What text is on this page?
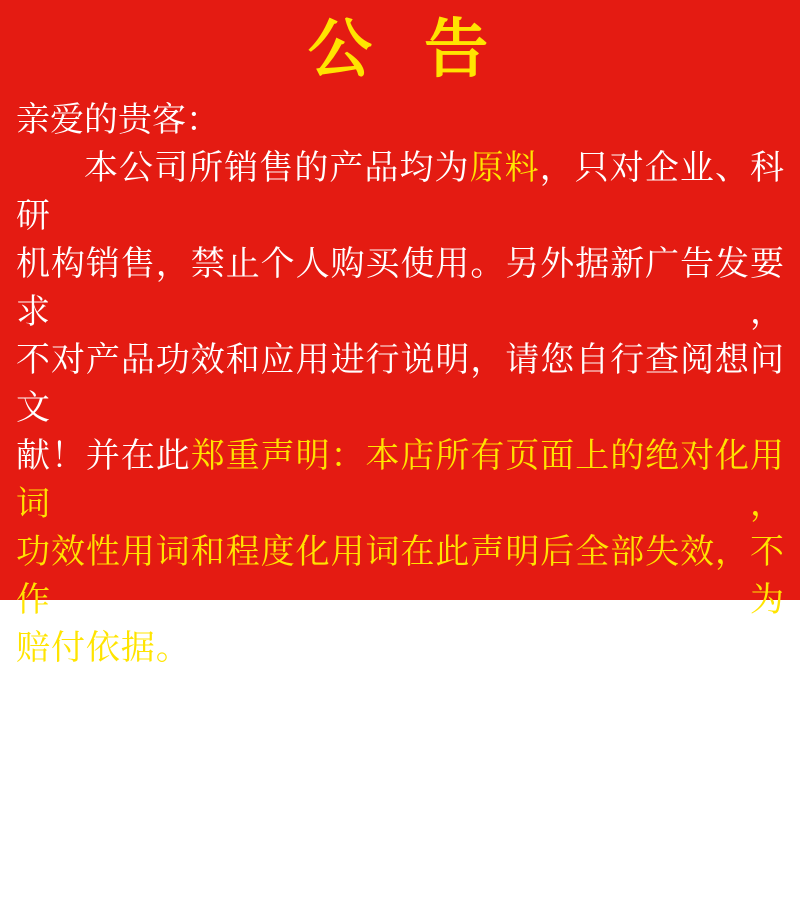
公 告
亲爱的贵客：
本公司所销售的产品均为原料，只对企业、科研
机构销售，禁止个人购买使用。另外据新广告发要求，
不对产品功效和应用进行说明，请您自行查阅想问文
献！并在此郑重声明：本店所有页面上的绝对化用词，
功效性用词和程度化用词在此声明后全部失效，不作为
赔付依据。我们也将逐步排查修改，若有遗漏请何为监
督提醒，我们不接受也不妥协以任何用语作为赔付依
据！望各位新老顾客理解！再次感谢！
陕西百草萃生物科技有限公司
